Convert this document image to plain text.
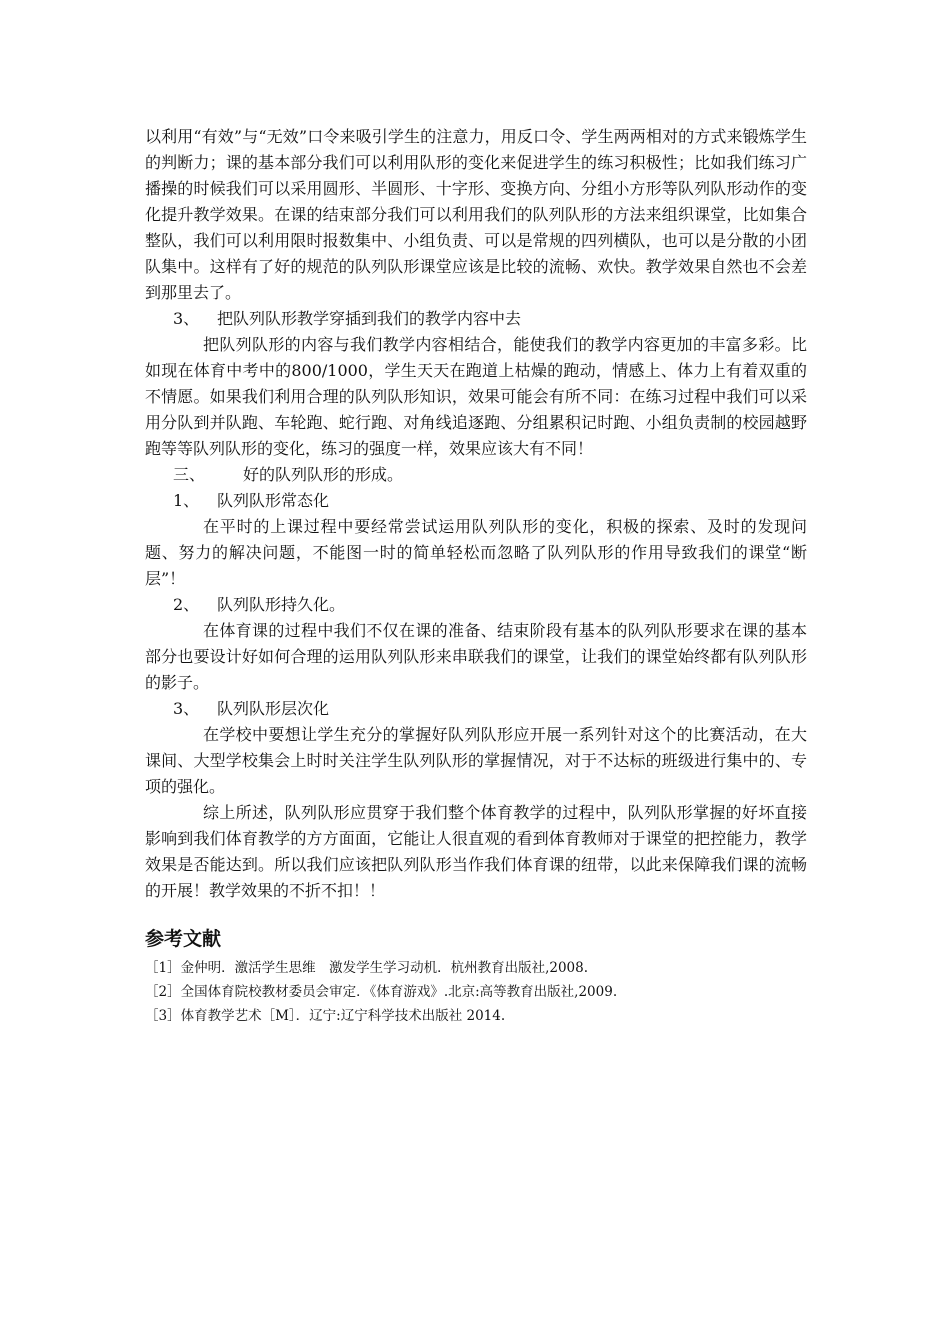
以利用“有效”与“无效”口令来吸引学生的注意力，用反口令、学生两两相对的方式来锻炼学生的判断力；课的基本部分我们可以利用队形的变化来促进学生的练习积极性；比如我们练习广播操的时候我们可以采用圆形、半圆形、十字形、变换方向、分组小方形等队列队形动作的变化提升教学效果。在课的结束部分我们可以利用我们的队列队形的方法来组织课堂，比如集合整队，我们可以利用限时报数集中、小组负责、可以是常规的四列横队，也可以是分散的小团队集中。这样有了好的规范的队列队形课堂应该是比较的流畅、欢快。教学效果自然也不会差到那里去了。

3、 把队列队形教学穿插到我们的教学内容中去

把队列队形的内容与我们教学内容相结合，能使我们的教学内容更加的丰富多彩。比如现在体育中考中的800/1000，学生天天在跑道上枯燥的跑动，情感上、体力上有着双重的不情愿。如果我们利用合理的队列队形知识，效果可能会有所不同：在练习过程中我们可以采用分队到并队跑、车轮跑、蛇行跑、对角线追逐跑、分组累积记时跑、小组负责制的校园越野跑等等队列队形的变化，练习的强度一样，效果应该大有不同！

三、 好的队列队形的形成。

1、 队列队形常态化

在平时的上课过程中要经常尝试运用队列队形的变化，积极的探索、及时的发现问题、努力的解决问题，不能图一时的简单轻松而忽略了队列队形的作用导致我们的课堂“断层”！

2、 队列队形持久化。

在体育课的过程中我们不仅在课的准备、结束阶段有基本的队列队形要求在课的基本部分也要设计好如何合理的运用队列队形来串联我们的课堂，让我们的课堂始终都有队列队形的影子。

3、 队列队形层次化

在学校中要想让学生充分的掌握好队列队形应开展一系列针对这个的比赛活动，在大课间、大型学校集会上时时关注学生队列队形的掌握情况，对于不达标的班级进行集中的、专项的强化。

综上所述，队列队形应贯穿于我们整个体育教学的过程中，队列队形掌握的好坏直接影响到我们体育教学的方方面面，它能让人很直观的看到体育教师对于课堂的把控能力，教学效果是否能达到。所以我们应该把队列队形当作我们体育课的纽带，以此来保障我们课的流畅的开展！教学效果的不折不扣！！

参考文献

［1］金仲明．激活学生思维　激发学生学习动机．杭州教育出版社,2008.

［2］全国体育院校教材委员会审定．《体育游戏》.北京:高等教育出版社,2009.

［3］体育教学艺术［M］．辽宁:辽宁科学技术出版社 2014.
